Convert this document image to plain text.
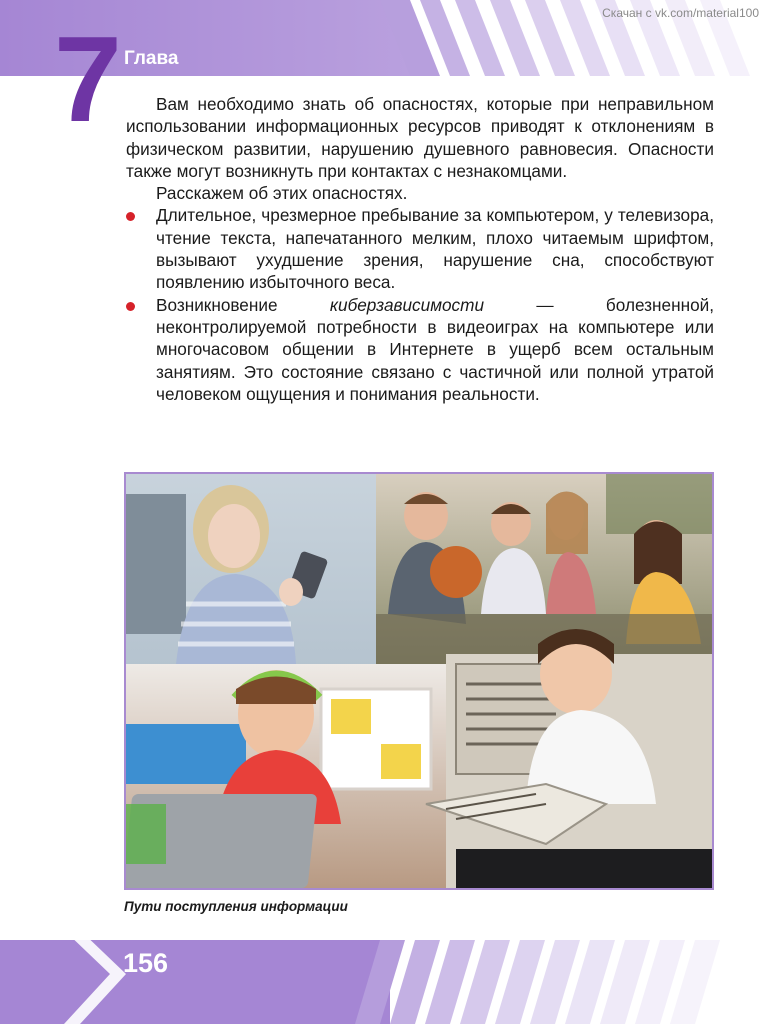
Скачан с vk.com/material100
7 Глава

Вам необходимо знать об опасностях, которые при неправильном использовании информационных ресурсов приводят к отклонениям в физическом развитии, нарушению душевного равновесия. Опасности также могут возникнуть при контактах с незнакомцами.

Расскажем об этих опасностях.

Длительное, чрезмерное пребывание за компьютером, у телевизора, чтение текста, напечатанного мелким, плохо читаемым шрифтом, вызывают ухудшение зрения, нарушение сна, способствуют появлению избыточного веса.
Возникновение киберзависимости — болезненной, неконтролируемой потребности в видеоиграх на компьютере или многочасовом общении в Интернете в ущерб всем остальным занятиям. Это состояние связано с частичной или полной утратой человеком ощущения и понимания реальности.
Пути поступления информации
156
